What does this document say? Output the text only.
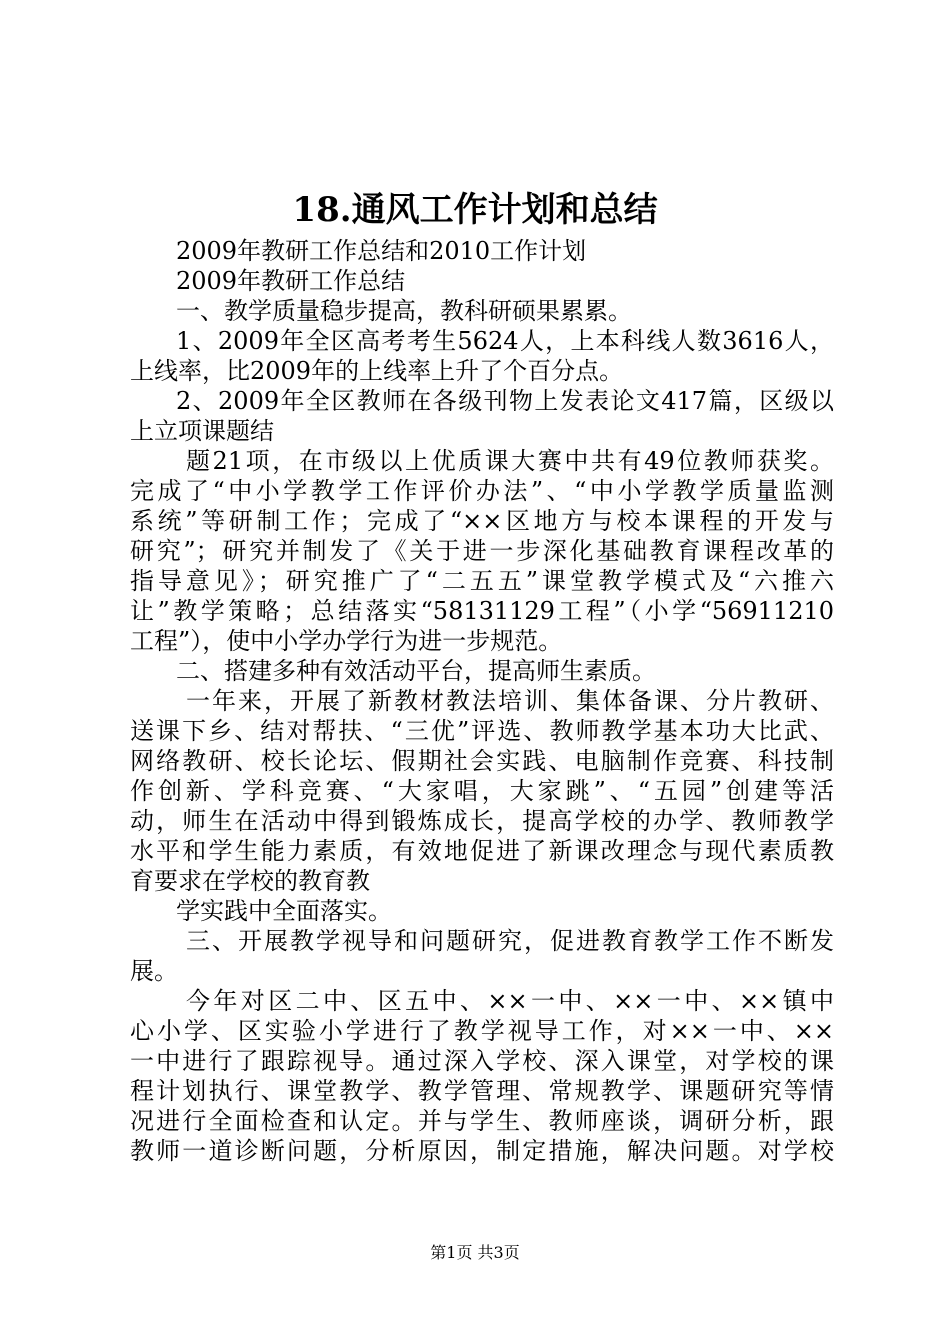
18.通风工作计划和总结
2009年教研工作总结和2010工作计划
2009年教研工作总结
一、教学质量稳步提高，教科研硕果累累。
1、2009年全区高考考生5624人，上本科线人数3616人，
上线率，比2009年的上线率上升了个百分点。
2、2009年全区教师在各级刊物上发表论文417篇，区级以
上立项课题结
题21项，在市级以上优质课大赛中共有49位教师获奖。
完成了“中小学教学工作评价办法”、“中小学教学质量监测
系统”等研制工作；完成了“××区地方与校本课程的开发与
研究”；研究并制发了《关于进一步深化基础教育课程改革的
指导意见》；研究推广了“二五五”课堂教学模式及“六推六
让”教学策略；总结落实“58131129工程”（小学“56911210
工程”），使中小学办学行为进一步规范。
二、搭建多种有效活动平台，提高师生素质。
一年来，开展了新教材教法培训、集体备课、分片教研、
送课下乡、结对帮扶、“三优”评选、教师教学基本功大比武、
网络教研、校长论坛、假期社会实践、电脑制作竞赛、科技制
作创新、学科竞赛、“大家唱，大家跳”、“五园”创建等活
动，师生在活动中得到锻炼成长，提高学校的办学、教师教学
水平和学生能力素质，有效地促进了新课改理念与现代素质教
育要求在学校的教育教
学实践中全面落实。
三、开展教学视导和问题研究，促进教育教学工作不断发
展。
今年对区二中、区五中、××一中、××一中、××镇中
心小学、区实验小学进行了教学视导工作，对××一中、××
一中进行了跟踪视导。通过深入学校、深入课堂，对学校的课
程计划执行、课堂教学、教学管理、常规教学、课题研究等情
况进行全面检查和认定。并与学生、教师座谈，调研分析，跟
教师一道诊断问题，分析原因，制定措施，解决问题。对学校
第1页 共3页
